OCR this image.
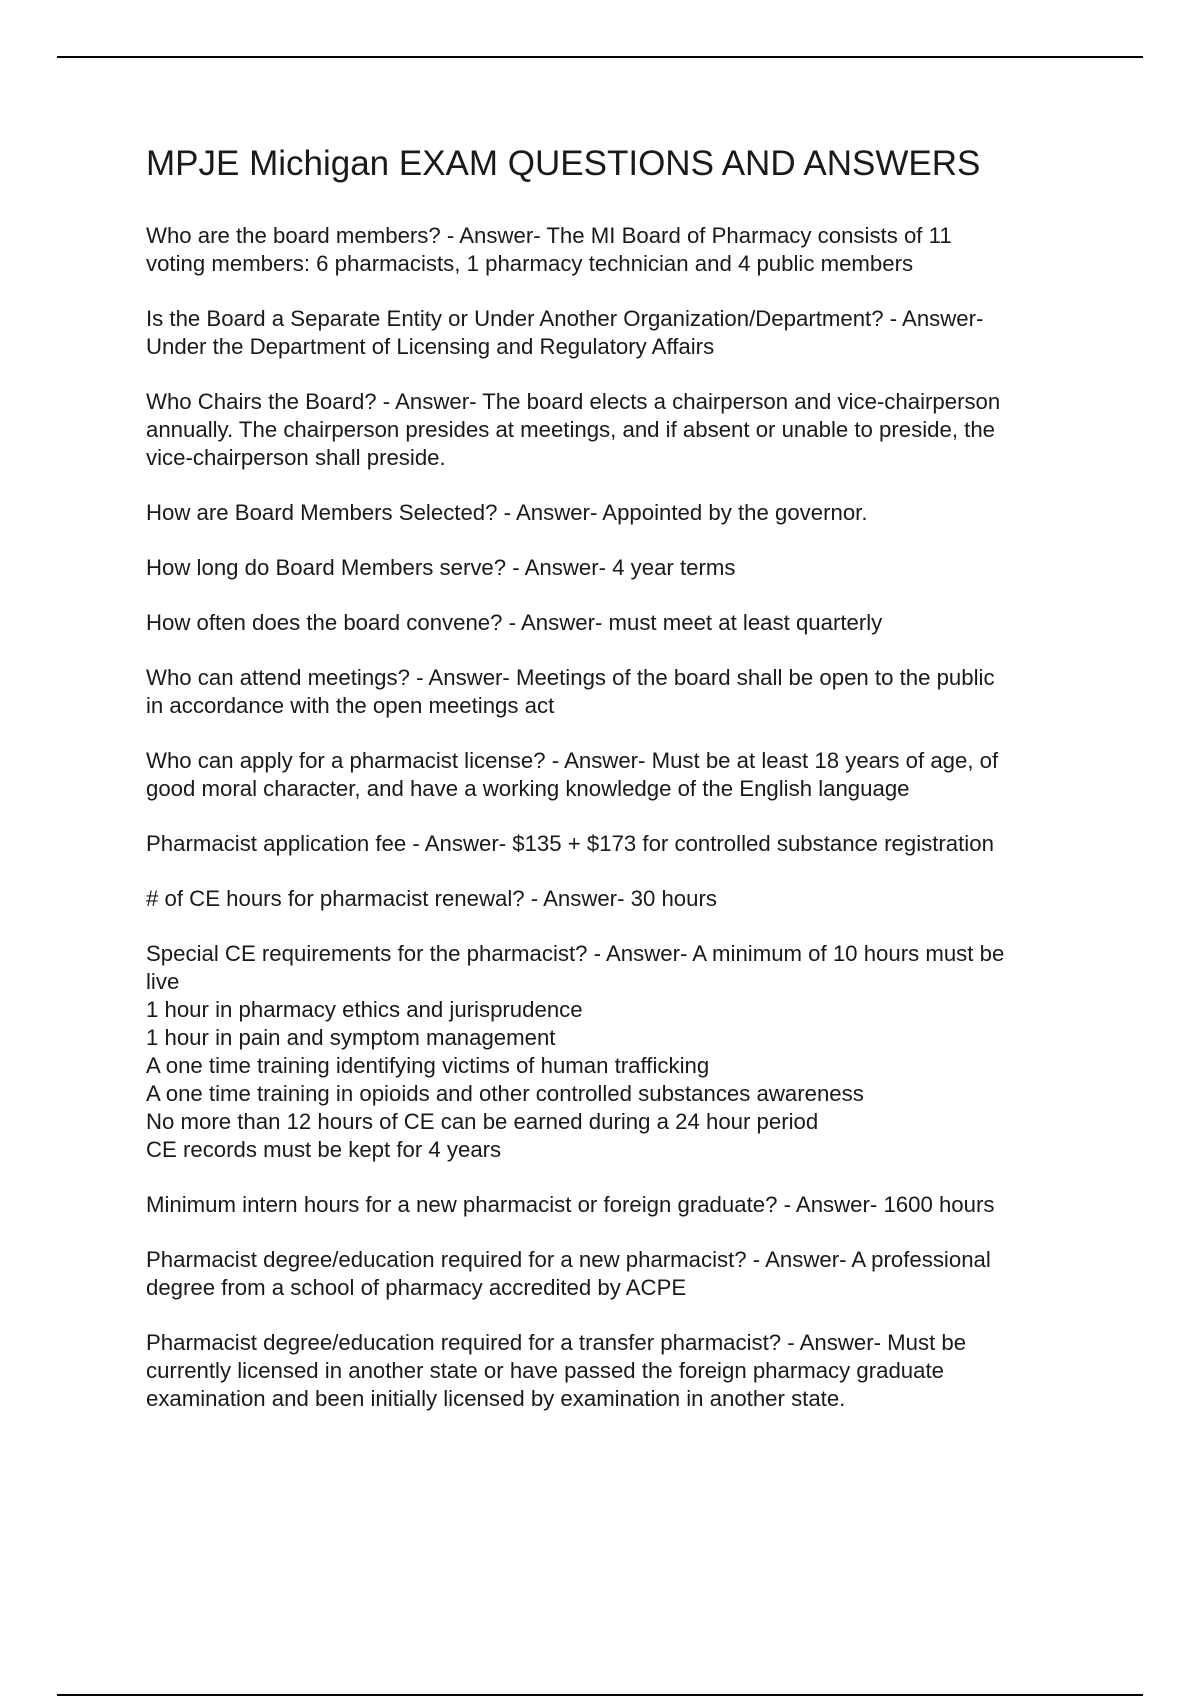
MPJE Michigan EXAM QUESTIONS AND ANSWERS
Who are the board members? - Answer- The MI Board of Pharmacy consists of 11
voting members: 6 pharmacists, 1 pharmacy technician and 4 public members
Is the Board a Separate Entity or Under Another Organization/Department? - Answer-
Under the Department of Licensing and Regulatory Affairs
Who Chairs the Board? - Answer- The board elects a chairperson and vice-chairperson
annually. The chairperson presides at meetings, and if absent or unable to preside, the
vice-chairperson shall preside.
How are Board Members Selected? - Answer- Appointed by the governor.
How long do Board Members serve? - Answer- 4 year terms
How often does the board convene? - Answer- must meet at least quarterly
Who can attend meetings? - Answer- Meetings of the board shall be open to the public
in accordance with the open meetings act
Who can apply for a pharmacist license? - Answer- Must be at least 18 years of age, of
good moral character, and have a working knowledge of the English language
Pharmacist application fee - Answer- $135 + $173 for controlled substance registration
# of CE hours for pharmacist renewal? - Answer- 30 hours
Special CE requirements for the pharmacist? - Answer- A minimum of 10 hours must be
live
1 hour in pharmacy ethics and jurisprudence
1 hour in pain and symptom management
A one time training identifying victims of human trafficking
A one time training in opioids and other controlled substances awareness
No more than 12 hours of CE can be earned during a 24 hour period
CE records must be kept for 4 years
Minimum intern hours for a new pharmacist or foreign graduate? - Answer- 1600 hours
Pharmacist degree/education required for a new pharmacist? - Answer- A professional
degree from a school of pharmacy accredited by ACPE
Pharmacist degree/education required for a transfer pharmacist? - Answer- Must be
currently licensed in another state or have passed the foreign pharmacy graduate
examination and been initially licensed by examination in another state.
